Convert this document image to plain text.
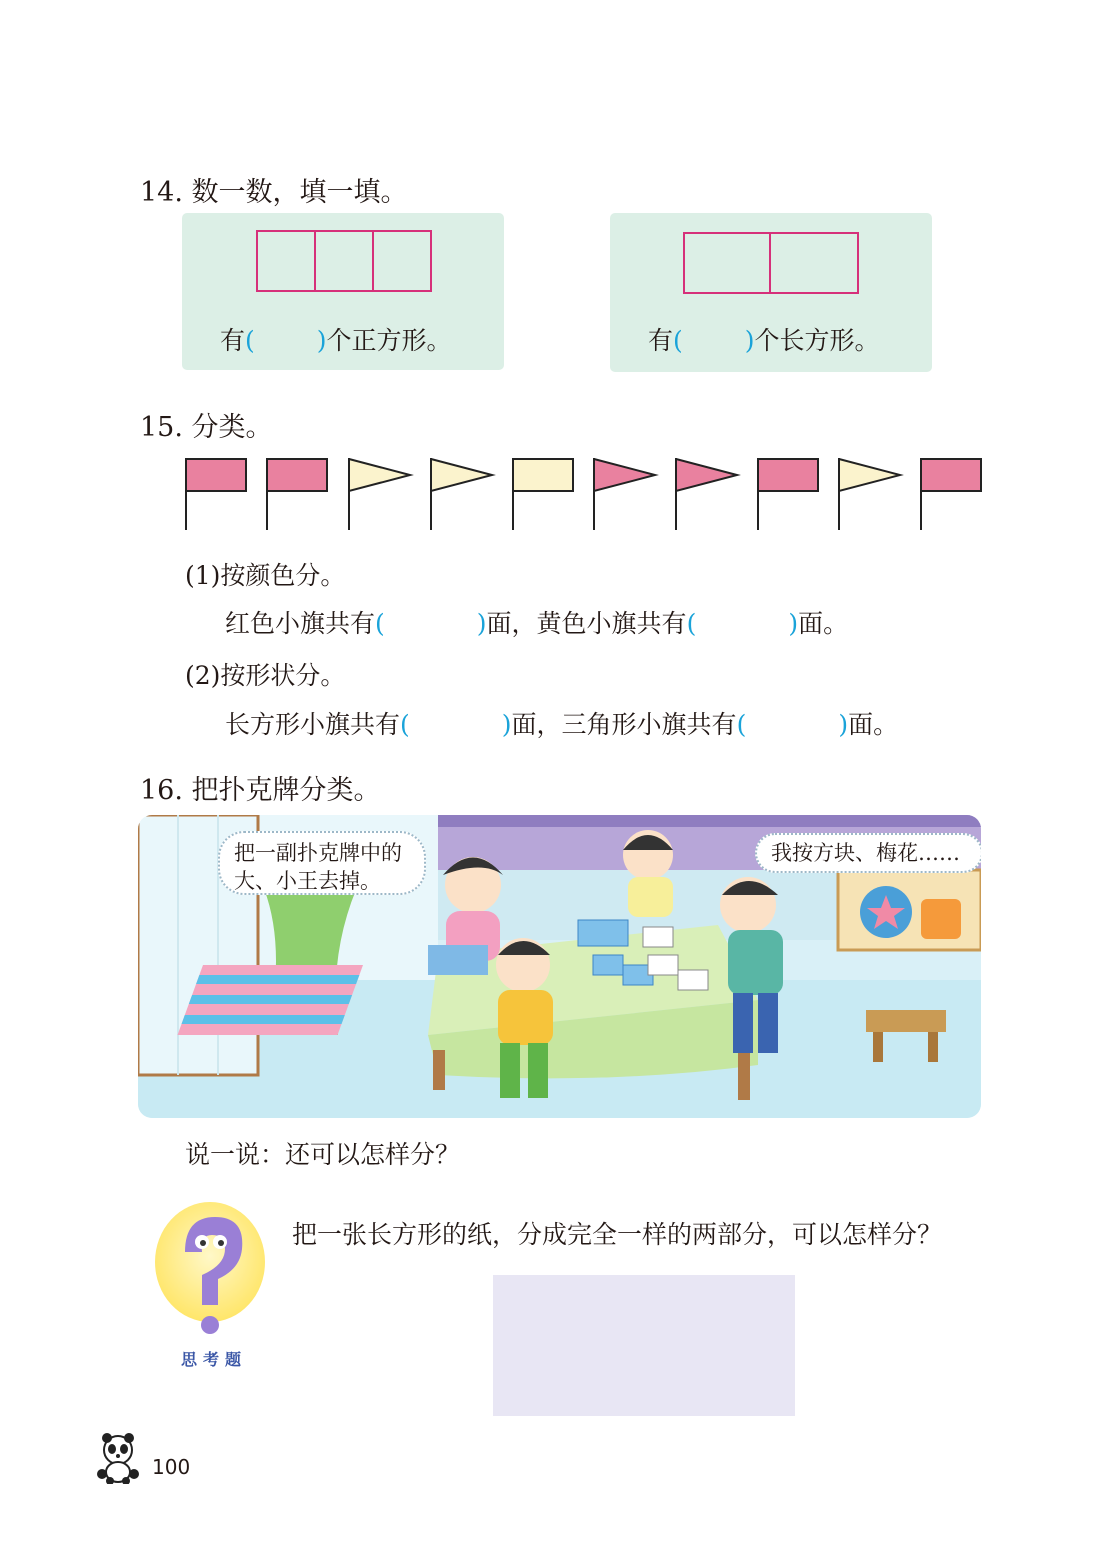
14. 数一数，填一填。
有( )个正方形。	有( )个长方形。
15. 分类。
(1)按颜色分。
红色小旗共有(	)面，黄色小旗共有(	)面。
(2)按形状分。
长方形小旗共有(	)面，三角形小旗共有(	)面。
16. 把扑克牌分类。
把一副扑克牌中的大、小王去掉。
我按方块、梅花……
说一说：还可以怎样分？
思考题
把一张长方形的纸，分成完全一样的两部分，可以怎样分？
100
